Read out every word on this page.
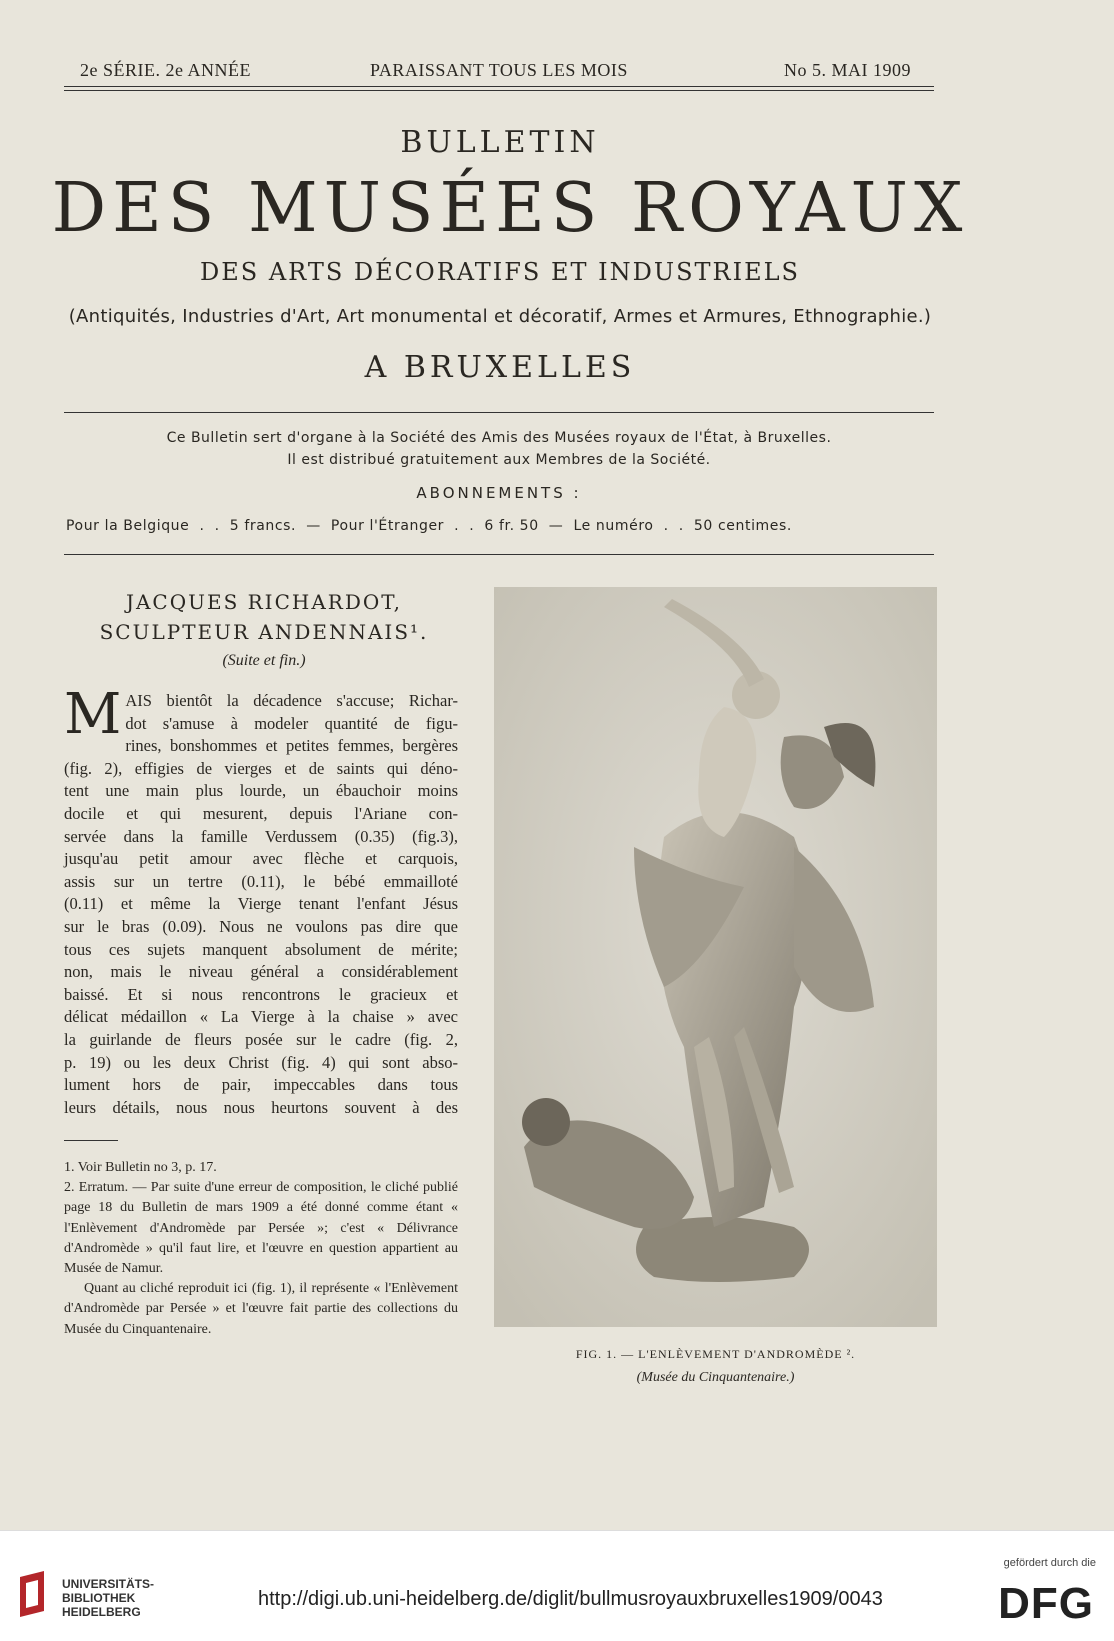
2e SÉRIE. 2e ANNÉE	PARAISSANT TOUS LES MOIS	No 5. MAI 1909
BULLETIN
DES MUSÉES ROYAUX
DES ARTS DÉCORATIFS ET INDUSTRIELS
(Antiquités, Industries d'Art, Art monumental et décoratif, Armes et Armures, Ethnographie.)
A BRUXELLES
Ce Bulletin sert d'organe à la Société des Amis des Musées royaux de l'État, à Bruxelles.
Il est distribué gratuitement aux Membres de la Société.
ABONNEMENTS :
Pour la Belgique  .  .  5 francs.  —  Pour l'Étranger  .  .  6 fr. 50  —  Le numéro  .  .  50 centimes.
JACQUES RICHARDOT,
SCULPTEUR ANDENNAIS¹.
(Suite et fin.)
M AIS bientôt la décadence s'accuse; Richar-
dot s'amuse à modeler quantité de figu-
rines, bonshommes et petites femmes, bergères
(fig. 2), effigies de vierges et de saints qui déno-
tent une main plus lourde, un ébauchoir moins
docile et qui mesurent, depuis l'Ariane con-
servée dans la famille Verdussem (0.35) (fig.3),
jusqu'au petit amour avec flèche et carquois,
assis sur un tertre (0.11), le bébé emmailloté
(0.11) et même la Vierge tenant l'enfant Jésus
sur le bras (0.09). Nous ne voulons pas dire que
tous ces sujets manquent absolument de mérite;
non, mais le niveau général a considérablement
baissé. Et si nous rencontrons le gracieux et
délicat médaillon « La Vierge à la chaise » avec
la guirlande de fleurs posée sur le cadre (fig. 2,
p. 19) ou les deux Christ (fig. 4) qui sont abso-
lument hors de pair, impeccables dans tous
leurs détails, nous nous heurtons souvent à des

1. Voir Bulletin no 3, p. 17.

2. Erratum. — Par suite d'une erreur de composition, le cliché publié page 18 du Bulletin de mars 1909 a été donné comme étant « l'Enlèvement d'Andromède par Persée »; c'est « Délivrance d'Andromède » qu'il faut lire, et l'œuvre en question appartient au Musée de Namur.

Quant au cliché reproduit ici (fig. 1), il représente « l'Enlèvement d'Andromède par Persée » et l'œuvre fait partie des collections du Musée du Cinquantenaire.

FIG. 1. — L'ENLÈVEMENT D'ANDROMÈDE ².
(Musée du Cinquantenaire.)
UNIVERSITÄTS-
BIBLIOTHEK
HEIDELBERG
http://digi.ub.uni-heidelberg.de/diglit/bullmusroyauxbruxelles1909/0043
gefördert durch die
DFG
